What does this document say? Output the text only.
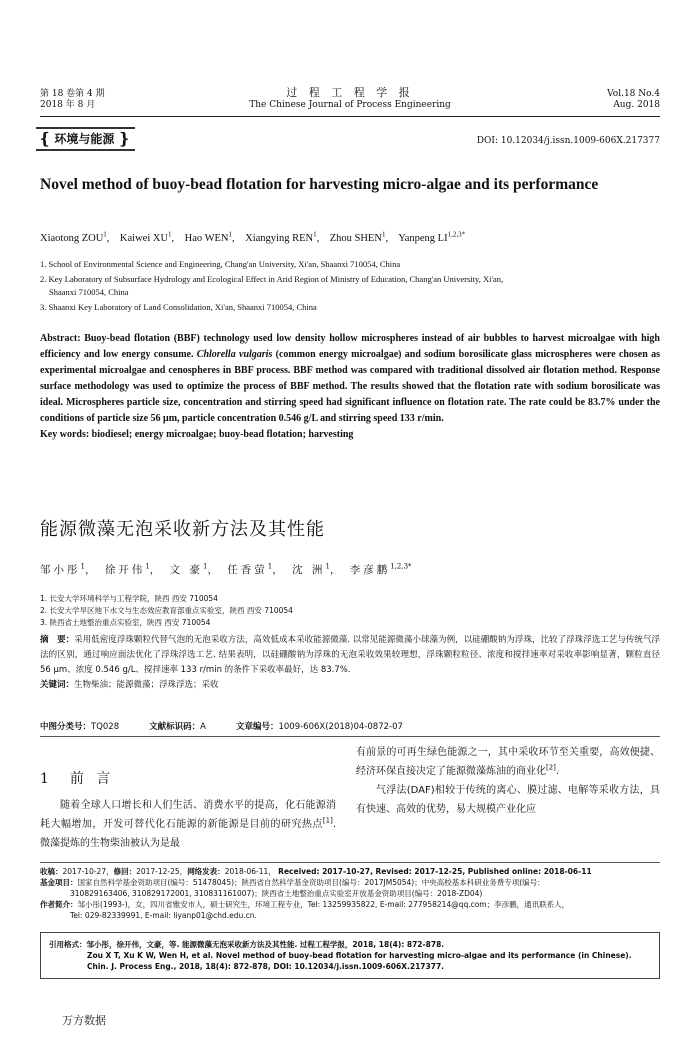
第 18 卷第 4 期
2018 年 8 月
过 程 工 程 学 报
The Chinese Journal of Process Engineering
Vol.18 No.4
Aug. 2018
❴ 环境与能源 ❵	DOI: 10.12034/j.issn.1009-606X.217377
Novel method of buoy-bead flotation for harvesting micro-algae and its performance
Xiaotong ZOU$^1$,    Kaiwei $XU^1$,    Hao WEN$^1$,    Xiangying REN$^1$,    Zhou SHEN$^1$,    Yanpeng $LI^{1,2,3*}$

1. School of Environmental Science and Engineering, Chang'an University, Xi'an, Shaanxi 710054, China

2. Key Laboratory of Subsurface Hydrology and Ecological Effect in Arid Region of Ministry of Education, Chang'an University, Xi'an,

Shaanxi 710054, China

3. Shaanxi Key Laboratory of Land Consolidation, Xi'an, Shaanxi 710054, China

Abstract: Buoy-bead flotation (BBF) technology used low density hollow microspheres instead of air bubbles to harvest microalgae with high efficiency and low energy consume. Chlorella vulgaris (common energy microalgae) and sodium borosilicate glass microspheres were chosen as experimental microalgae and cenospheres in BBF process. BBF method was compared with traditional dissolved air flotation method. Response surface methodology was used to optimize the process of BBF method. The results showed that the flotation rate with sodium borosilicate was ideal. Microspheres particle size, concentration and stirring speed had significant influence on flotation rate. The rate could be 83.7% under the conditions of particle size 56 μm, particle concentration 0.546 g/L and stirring speed 133 r/min.
Key words: biodiesel; energy microalgae; buoy-bead flotation; harvesting
能源微藻无泡采收新方法及其性能
邹小彤$^1$， 徐开伟$^1$， 文 豪$^1$， 任香萤$^1$， 沈 洲$^1$， 李彦鹏$^{1,2,3*}$

1. 长安大学环境科学与工程学院，陕西 西安 710054

2. 长安大学旱区地下水文与生态效应教育部重点实验室，陕西 西安 710054

3. 陕西省土地整治重点实验室，陕西 西安 710054

摘　要：采用低密度浮珠颗粒代替气泡的无泡采收方法，高效低成本采收能源微藻. 以常见能源微藻小球藻为例，以硅硼酸钠为浮珠，比较了浮珠浮选工艺与传统气浮法的区别，通过响应面法优化了浮珠浮选工艺. 结果表明，以硅硼酸钠为浮珠的无泡采收效果较理想，浮珠颗粒粒径、浓度和搅拌速率对采收率影响显著，颗粒直径 56 μm、浓度 0.546 g/L、搅拌速率 133 r/min 的条件下采收率最好，达 83.7%.
关键词：生物柴油；能源微藻；浮珠浮选；采收
中图分类号：TQ028	文献标识码：A	文章编号：1009-606X(2018)04-0872-07
1 前 言

随着全球人口增长和人们生活、消费水平的提高，化石能源消耗大幅增加，开发可替代化石能源的新能源是目前的研究热点[1]. 微藻提炼的生物柴油被认为是最

有前景的可再生绿色能源之一，其中采收环节至关重要，高效便捷、经济环保直接决定了能源微藻炼油的商业化[2].

气浮法(DAF)相较于传统的离心、膜过滤、电解等采收方法，具有快速、高效的优势，易大规模产业化应

收稿：2017-10-27，修回：2017-12-25，网络发表：2018-06-11， Received: 2017-10-27, Revised: 2017-12-25, Published online: 2018-06-11

基金项目：国家自然科学基金资助项目(编号：51478045)；陕西省自然科学基金资助项目(编号：2017JM5054)；中央高校基本科研业务费专项(编号：

310829163406, 310829172001, 310831161007)；陕西省土地整治重点实验室开放基金资助项目(编号：2018-ZD04)

作者简介：邹小彤(1993-)，女，四川省雅安市人，硕士研究生，环境工程专业，Tel: 13259935822, E-mail: 277958214@qq.com；李彦鹏，通讯联系人，

Tel: 029-82339991, E-mail: liyanp01@chd.edu.cn.

引用格式：邹小彤，徐开伟，文豪，等. 能源微藻无泡采收新方法及其性能. 过程工程学报，2018, 18(4): 872-878.

Zou X T, Xu K W, Wen H, et al. Novel method of buoy-bead flotation for harvesting micro-algae and its performance (in Chinese).

Chin. J. Process Eng., 2018, 18(4): 872-878, DOI: 10.12034/j.issn.1009-606X.217377.

万方数据
